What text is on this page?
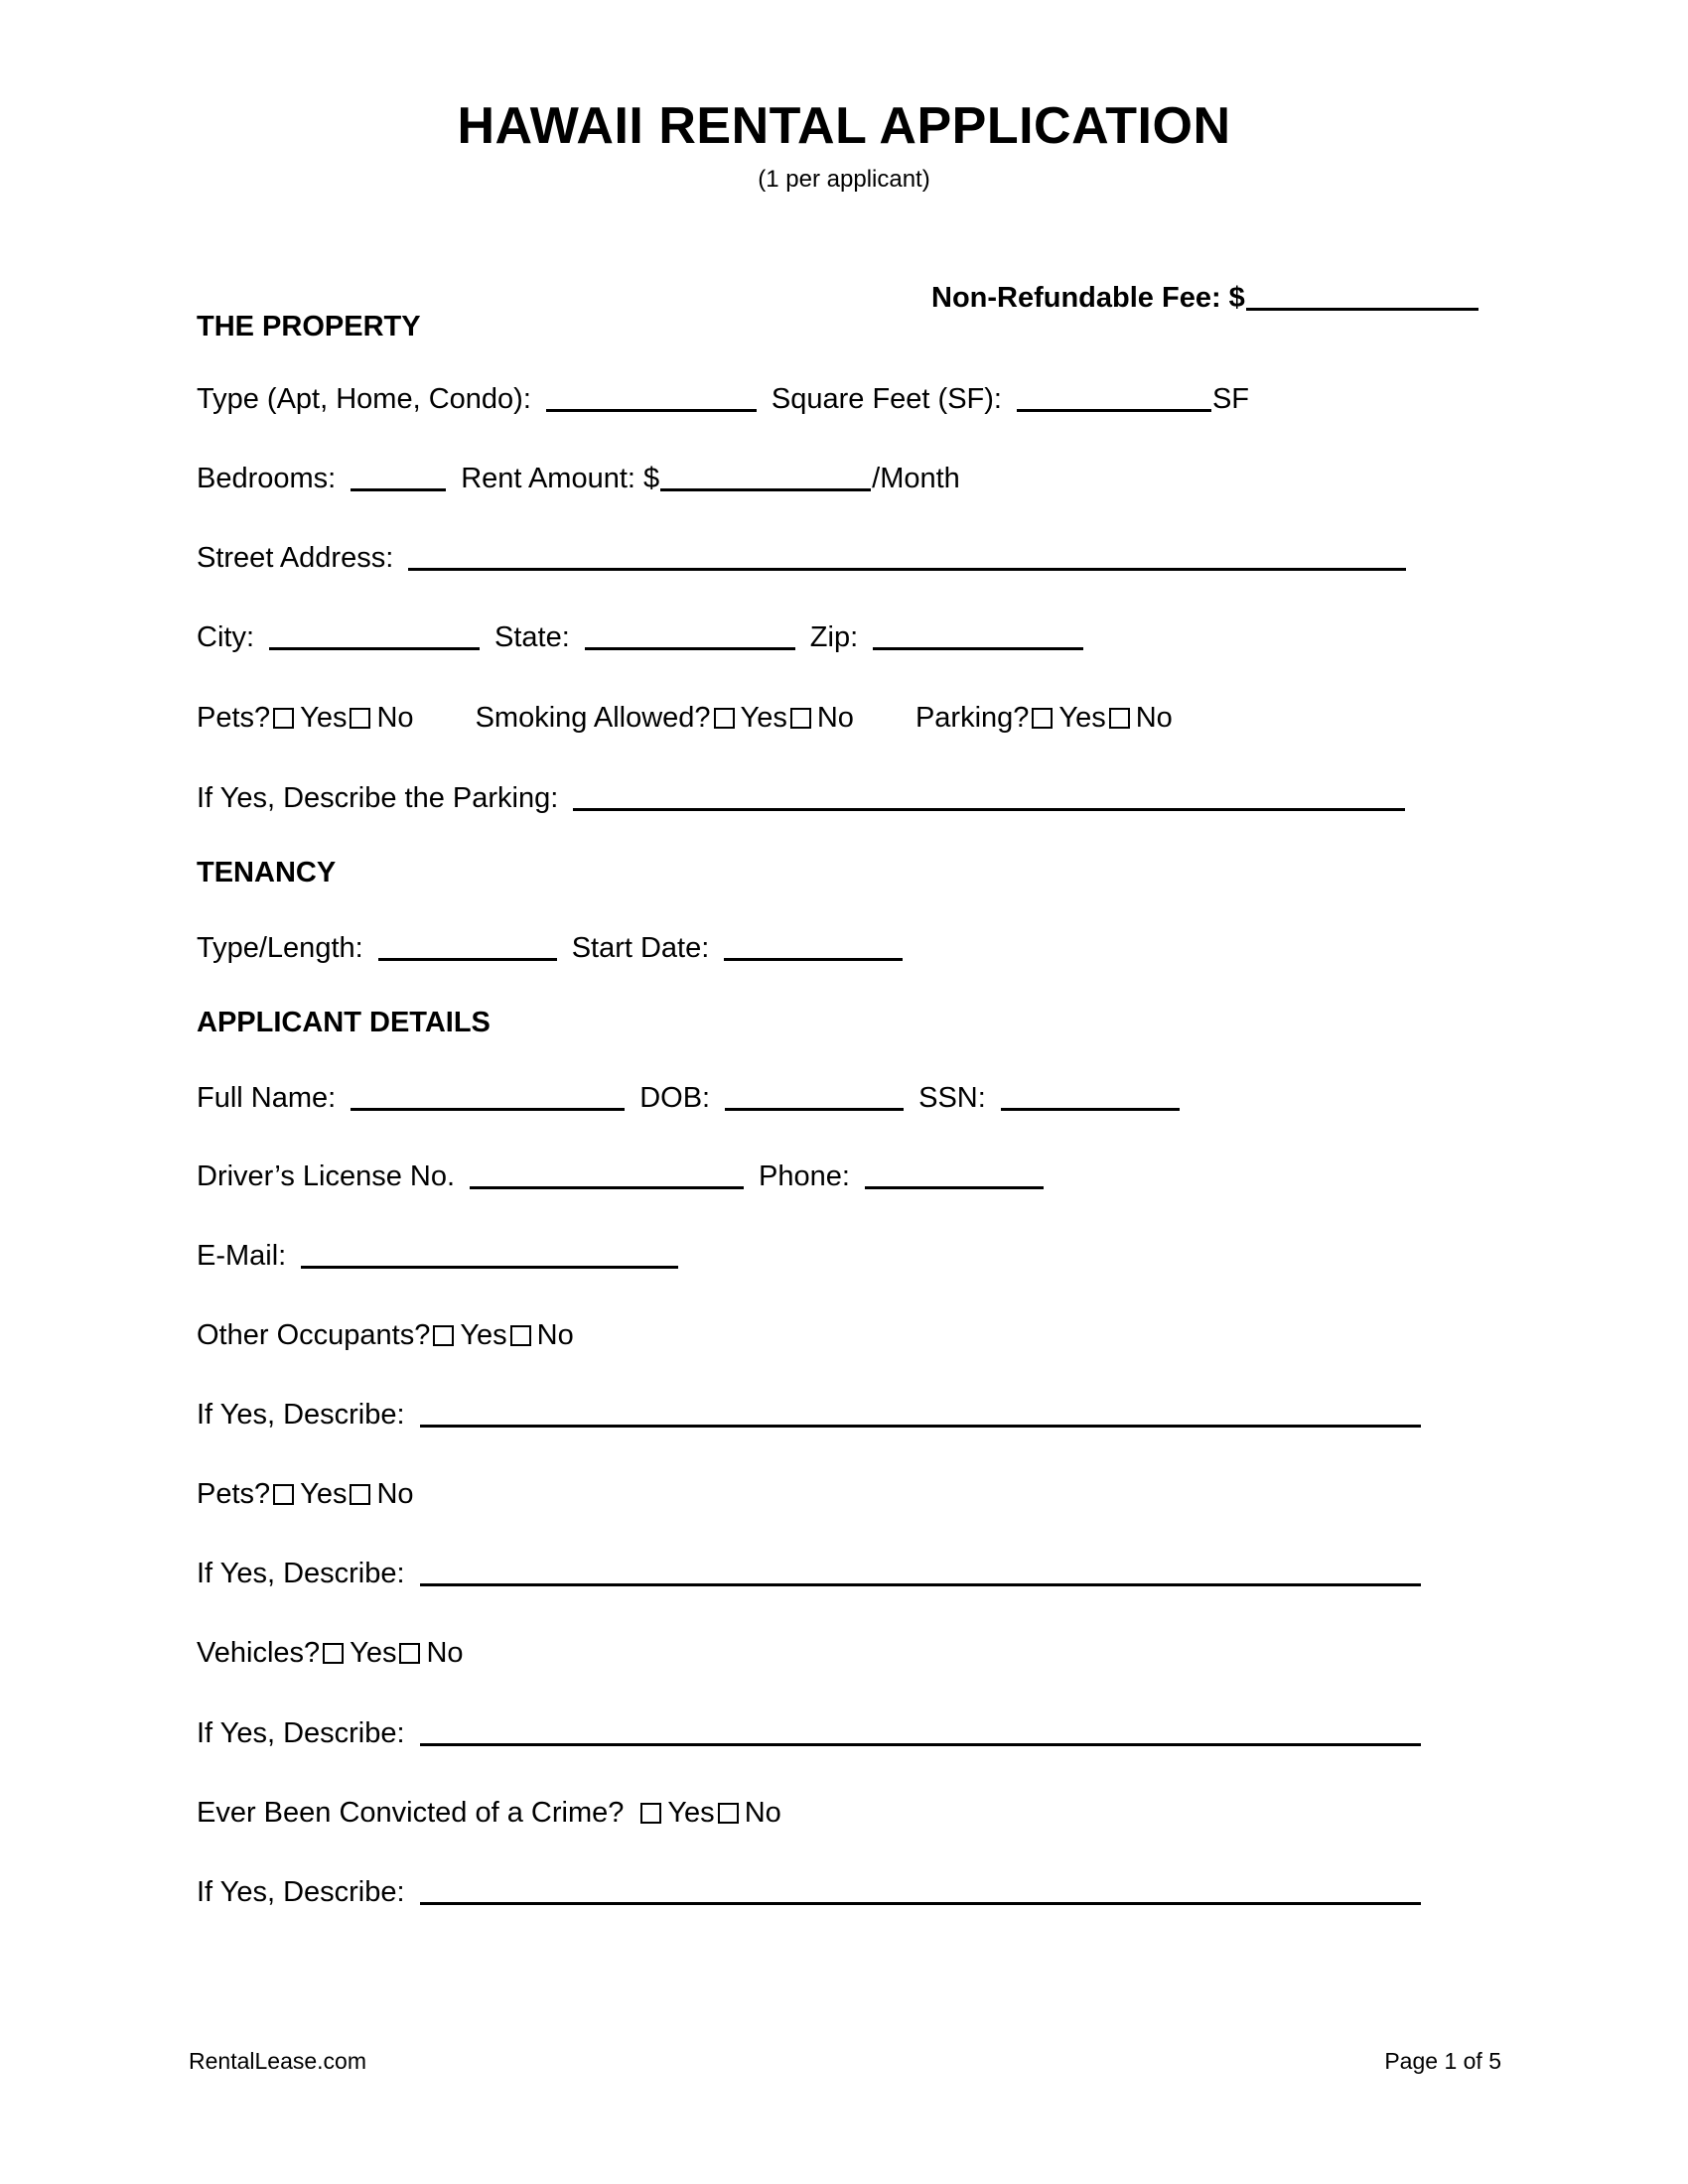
HAWAII RENTAL APPLICATION
(1 per applicant)
Non-Refundable Fee: $
THE PROPERTY
Type (Apt, Home, Condo):	Square Feet (SF):	SF
Bedrooms:	Rent Amount: $	/Month
Street Address:
City:	State:	Zip:
Pets? Yes No Smoking Allowed? Yes No Parking? Yes No
If Yes, Describe the Parking:
TENANCY
Type/Length:	Start Date:
APPLICANT DETAILS
Full Name:	DOB:	SSN:
Driver’s License No.	Phone:
E-Mail:
Other Occupants? Yes No
If Yes, Describe:
Pets? Yes No
If Yes, Describe:
Vehicles? Yes No
If Yes, Describe:
Ever Been Convicted of a Crime? Yes No
If Yes, Describe:
RentalLease.com	Page 1 of 5
